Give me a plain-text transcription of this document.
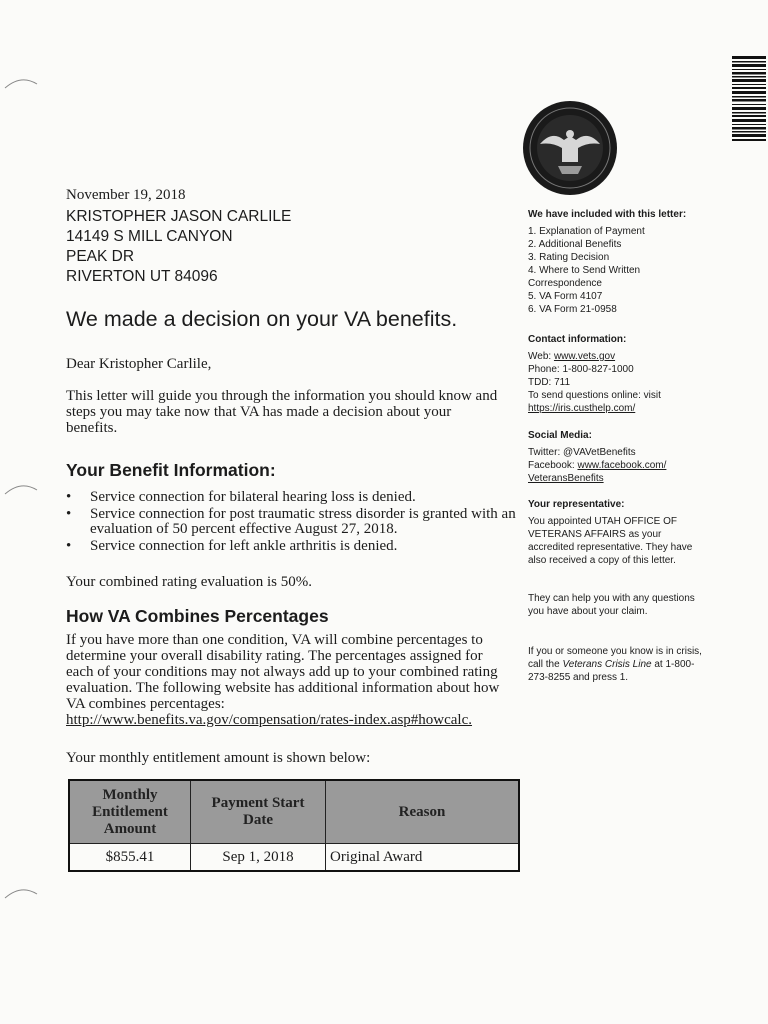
November 19, 2018
KRISTOPHER JASON CARLILE
14149 S MILL CANYON
PEAK DR
RIVERTON UT 84096
We made a decision on your VA benefits.
Dear Kristopher Carlile,
This letter will guide you through the information you should know and steps you may take now that VA has made a decision about your benefits.
Your Benefit Information:
• Service connection for bilateral hearing loss is denied.
• Service connection for post traumatic stress disorder is granted with an evaluation of 50 percent effective August 27, 2018.
• Service connection for left ankle arthritis is denied.
Your combined rating evaluation is 50%.
How VA Combines Percentages
If you have more than one condition, VA will combine percentages to determine your overall disability rating. The percentages assigned for each of your conditions may not always add up to your combined rating evaluation. The following website has additional information about how VA combines percentages: http://www.benefits.va.gov/compensation/rates-index.asp#howcalc.
Your monthly entitlement amount is shown below:
Monthly Entitlement Amount	Payment Start Date	Reason
$855.41	Sep 1, 2018	Original Award
We have included with this letter:
1. Explanation of Payment
2. Additional Benefits
3. Rating Decision
4. Where to Send Written Correspondence
5. VA Form 4107
6. VA Form 21-0958
Contact information:
Web: www.vets.gov
Phone: 1-800-827-1000
TDD: 711
To send questions online: visit
https://iris.custhelp.com/
Social Media:
Twitter: @VAVetBenefits
Facebook: www.facebook.com/ VeteransBenefits
Your representative:
You appointed UTAH OFFICE OF VETERANS AFFAIRS as your accredited representative. They have also received a copy of this letter.
They can help you with any questions you have about your claim.
If you or someone you know is in crisis, call the Veterans Crisis Line at 1-800-273-8255 and press 1.
